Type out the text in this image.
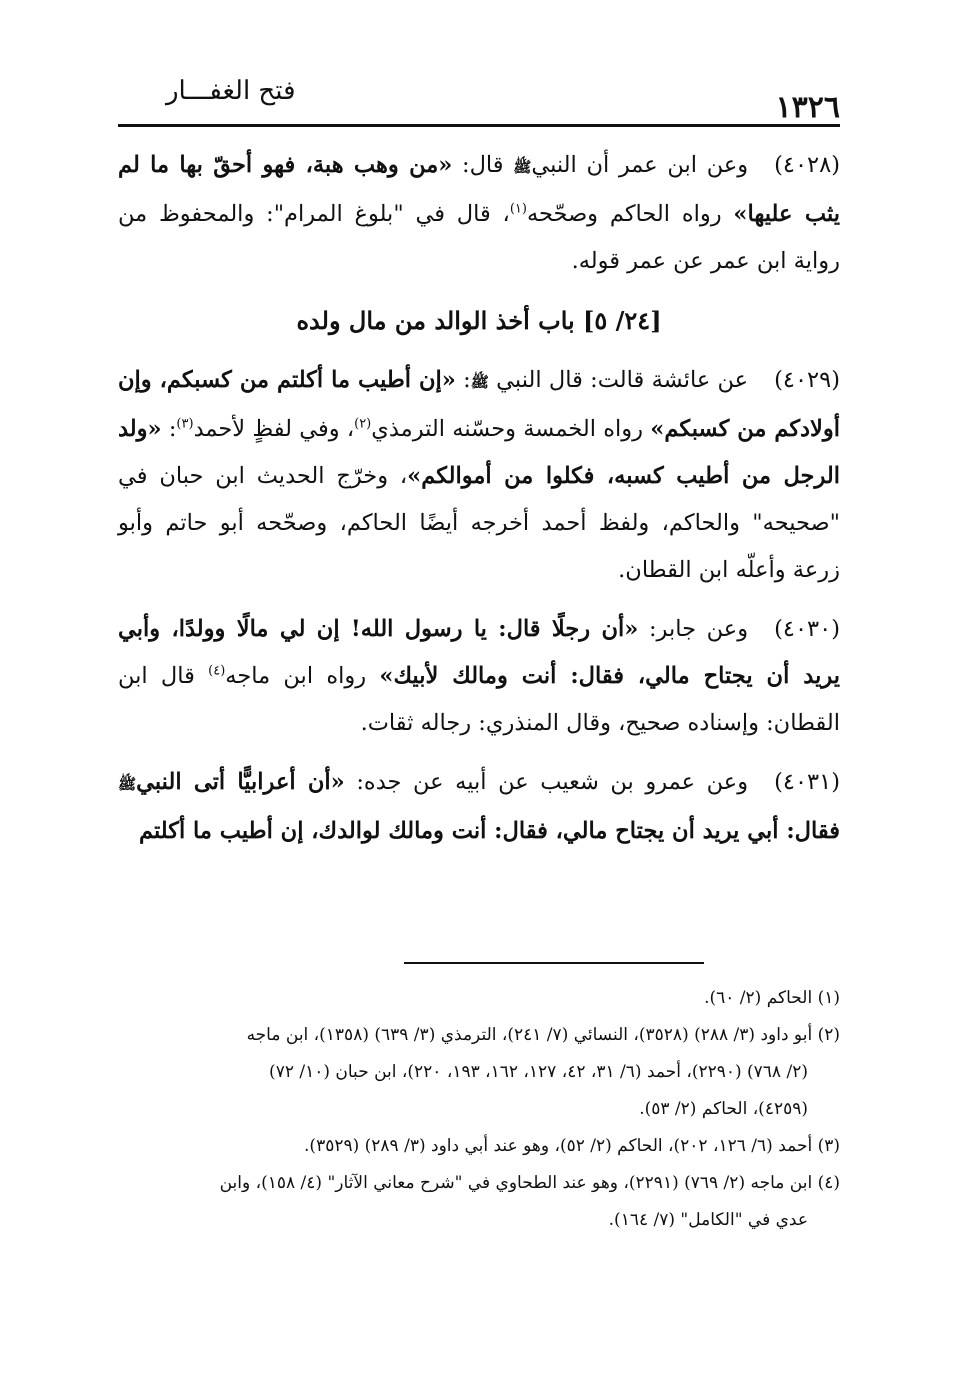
١٣٢٦
فتح الغفـــار

(٤٠٢٨)وعن ابن عمر أن النبيﷺ قال: «من وهب هبة، فهو أحقّ بها ما لم يثب عليها» رواه الحاكم وصحّحه$^{(١)}$، قال في "بلوغ المرام": والمحفوظ من رواية ابن عمر عن عمر قوله.

[٢٤/ ٥] باب أخذ الوالد من مال ولده

(٤٠٢٩)عن عائشة قالت: قال النبي ﷺ: «إن أطيب ما أكلتم من كسبكم، وإن أولادكم من كسبكم» رواه الخمسة وحسّنه الترمذي$^{(٢)}$، وفي لفظٍ لأحمد$^{(٣)}$: «ولد الرجل من أطيب كسبه، فكلوا من أموالكم»، وخرّج الحديث ابن حبان في "صحيحه" والحاكم، ولفظ أحمد أخرجه أيضًا الحاكم، وصحّحه أبو حاتم وأبو زرعة وأعلّه ابن القطان.

(٤٠٣٠)وعن جابر: «أن رجلًا قال: يا رسول الله! إن لي مالًا وولدًا، وأبي يريد أن يجتاح مالي، فقال: أنت ومالك لأبيك» رواه ابن ماجه$^{(٤)}$ قال ابن القطان: وإسناده صحيح، وقال المنذري: رجاله ثقات.

(٤٠٣١)وعن عمرو بن شعيب عن أبيه عن جده: «أن أعرابيًّا أتى النبيﷺ فقال: أبي يريد أن يجتاح مالي، فقال: أنت ومالك لوالدك، إن أطيب ما أكلتم

(١) الحاكم (٢/ ٦٠).

(٢) أبو داود (٣/ ٢٨٨) (٣٥٢٨)، النسائي (٧/ ٢٤١)، الترمذي (٣/ ٦٣٩) (١٣٥٨)، ابن ماجه

(٢/ ٧٦٨) (٢٢٩٠)، أحمد (٦/ ٣١، ٤٢، ١٢٧، ١٦٢، ١٩٣، ٢٢٠)، ابن حبان (١٠/ ٧٢)

(٤٢٥٩)، الحاكم (٢/ ٥٣).

(٣) أحمد (٦/ ١٢٦، ٢٠٢)، الحاكم (٢/ ٥٢)، وهو عند أبي داود (٣/ ٢٨٩) (٣٥٢٩).

(٤) ابن ماجه (٢/ ٧٦٩) (٢٢٩١)، وهو عند الطحاوي في "شرح معاني الآثار" (٤/ ١٥٨)، وابن

عدي في "الكامل" (٧/ ١٦٤).
